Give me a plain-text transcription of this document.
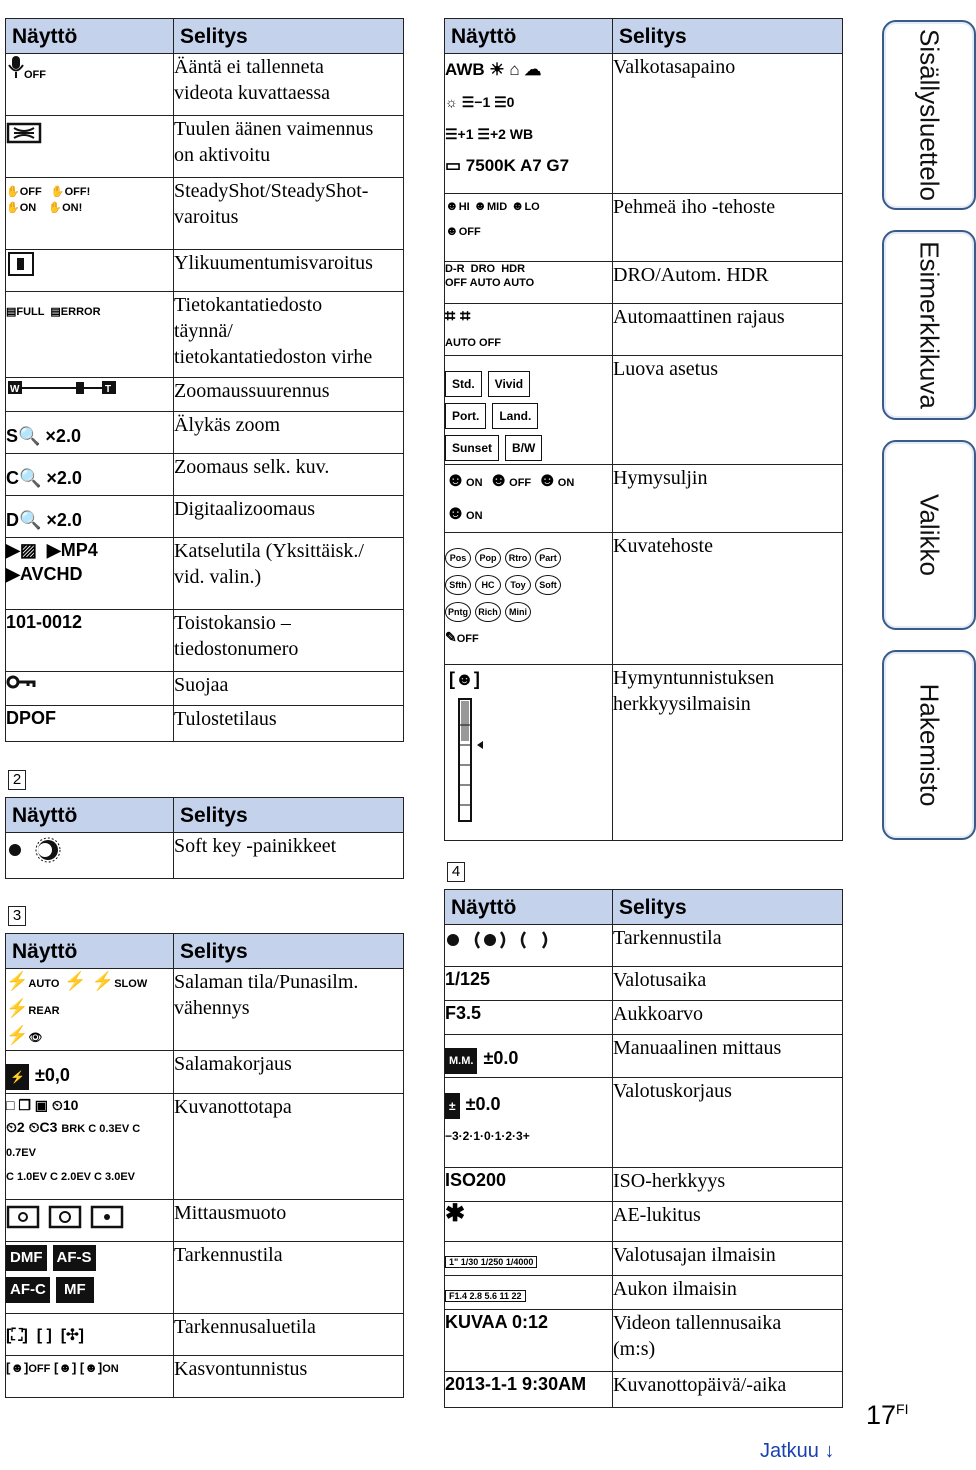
Näyttö	Selitys

OFF	Ääntä ei tallenneta
videota kuvattaessa
	Tuulen äänen vaimennus
on aktivoitu

✋OFF   ✋OFF!
✋ON    ✋ON!	SteadyShot/SteadyShot-
varoitus
	Ylikuumentumisvaroitus

▤FULL  ▤ERROR	Tietokantatiedosto
täynnä/
tietokantatiedoston virhe

W T	Zoomaussuurennus
S🔍 ×2.0	Älykäs zoom
C🔍 ×2.0	Zoomaus selk. kuv.
D🔍 ×2.0	Digitaalizoomaus
▶▨  ▶MP4
▶AVCHD	Katselutila (Yksittäisk./
vid. valin.)
101-0012	Toistokansio –
tiedostonumero
	Suojaa
DPOF	Tulostetilaus
2
Näyttö	Selitys
	Soft key -painikkeet
3
Näyttö	Selitys

⚡AUTO ⚡ ⚡SLOW ⚡REAR
⚡👁	Salaman tila/Punasilm.
vähennys
⚡ ±0,0	Salamakorjaus

□ ❐ ▣ ⏲10
⏲2 ⏲C3 BRK C 0.3EV C 0.7EV
C 1.0EV C 2.0EV C 3.0EV	Kuvanottotapa
	Mittausmuoto
DMF AF-S
AF-C MF	Tarkennustila
[⛶]  [ ]  [✣]	Tarkennusaluetila
[☻]OFF [☻] [☻]ON	Kasvontunnistus
Näyttö	Selitys

AWB ☀ ⌂ ☁
☼ ☰−1 ☰0
☰+1 ☰+2 WB
▭ 7500K A7 G7	Valkotasapaino
☻HI ☻MID ☻LO
☻OFF	Pehmeä iho -tehoste
D-R  DRO  HDR
OFF AUTO AUTO	DRO/Autom. HDR
⌗ ⌗
AUTO OFF	Automaattinen rajaus
Std. Vivid
Port. Land.
Sunset B/W	Luova asetus
☻ON ☻OFF ☻ON
☻ON	Hymysuljin
Pos Pop Rtro Part
Sfth HC Toy Soft
Pntg Rich Mini
✎OFF	Kuvatehoste

[☻]	Hymyntunnistuksen
herkkyysilmaisin
4
Näyttö	Selitys
	Tarkennustila
1/125	Valotusaika
F3.5	Aukkoarvo
M.M. ±0.0	Manuaalinen mittaus
± ±0.0
−3·2·1·0·1·2·3+	Valotuskorjaus
ISO200	ISO-herkkyys
✱	AE-lukitus
1" 1/30 1/250 1/4000	Valotusajan ilmaisin
F1.4 2.8 5.6 11 22	Aukon ilmaisin
KUVAA 0:12	Videon tallennusaika
(m:s)
2013-1-1 9:30AM	Kuvanottopäivä/-aika
Sisällysluettelo
Esimerkkikuva
Valikko
Hakemisto
$17^{FI}$
Jatkuu ↓
